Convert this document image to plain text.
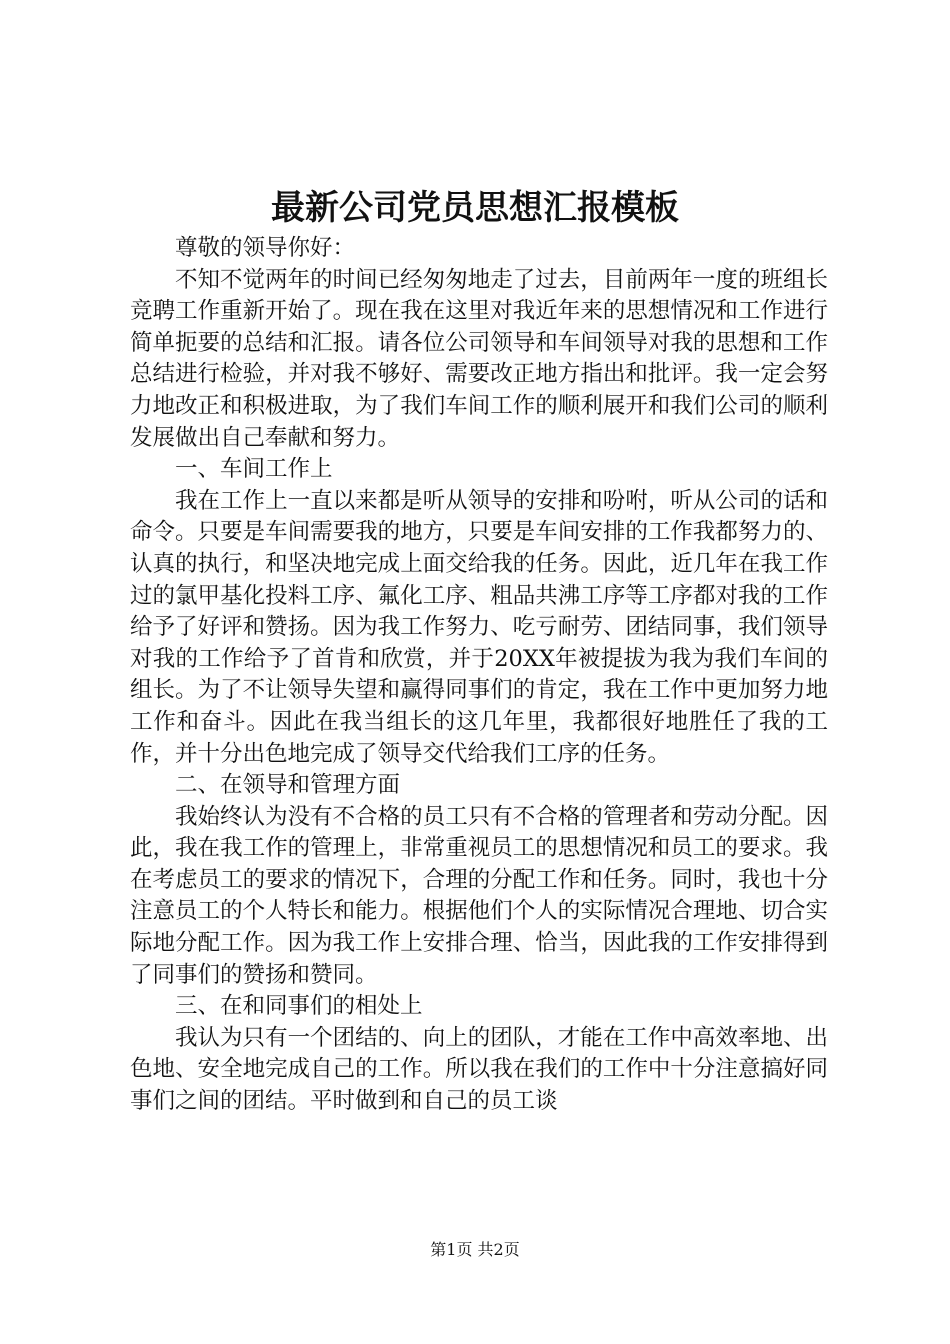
最新公司党员思想汇报模板

尊敬的领导你好：

不知不觉两年的时间已经匆匆地走了过去，目前两年一度的班组长竞聘工作重新开始了。现在我在这里对我近年来的思想情况和工作进行简单扼要的总结和汇报。请各位公司领导和车间领导对我的思想和工作总结进行检验，并对我不够好、需要改正地方指出和批评。我一定会努力地改正和积极进取，为了我们车间工作的顺利展开和我们公司的顺利发展做出自己奉献和努力。

一、车间工作上

我在工作上一直以来都是听从领导的安排和吩咐，听从公司的话和命令。只要是车间需要我的地方，只要是车间安排的工作我都努力的、认真的执行，和坚决地完成上面交给我的任务。因此，近几年在我工作过的氯甲基化投料工序、氟化工序、粗品共沸工序等工序都对我的工作给予了好评和赞扬。因为我工作努力、吃亏耐劳、团结同事，我们领导对我的工作给予了首肯和欣赏，并于20XX年被提拔为我为我们车间的组长。为了不让领导失望和赢得同事们的肯定，我在工作中更加努力地工作和奋斗。因此在我当组长的这几年里，我都很好地胜任了我的工作，并十分出色地完成了领导交代给我们工序的任务。

二、在领导和管理方面

我始终认为没有不合格的员工只有不合格的管理者和劳动分配。因此，我在我工作的管理上，非常重视员工的思想情况和员工的要求。我在考虑员工的要求的情况下，合理的分配工作和任务。同时，我也十分注意员工的个人特长和能力。根据他们个人的实际情况合理地、切合实际地分配工作。因为我工作上安排合理、恰当，因此我的工作安排得到了同事们的赞扬和赞同。

三、在和同事们的相处上

我认为只有一个团结的、向上的团队，才能在工作中高效率地、出色地、安全地完成自己的工作。所以我在我们的工作中十分注意搞好同事们之间的团结。平时做到和自己的员工谈

第1页 共2页
